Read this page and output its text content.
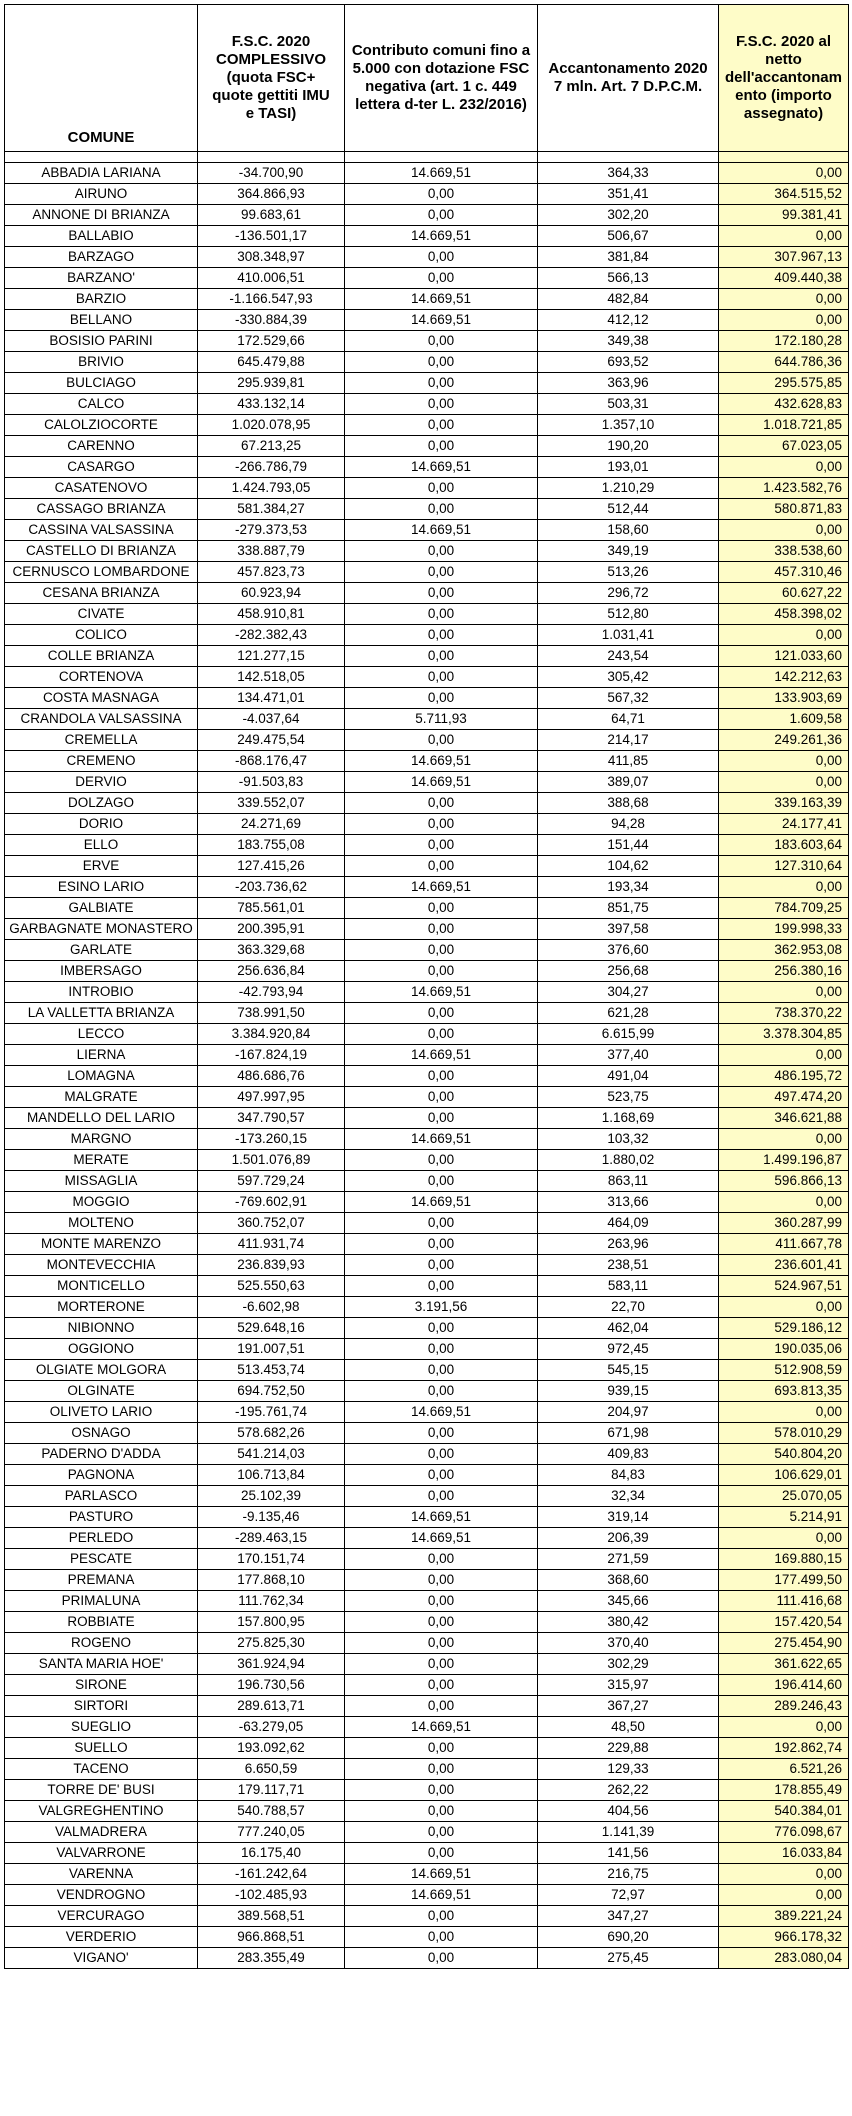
COMUNE	F.S.C. 2020
COMPLESSIVO
(quota FSC+
quote gettiti IMU
e TASI)	Contributo comuni fino a
5.000 con dotazione FSC
negativa (art. 1 c. 449
lettera d-ter L. 232/2016)	Accantonamento 2020
7 mln. Art. 7 D.P.C.M.	F.S.C. 2020 al
netto
dell'accantonam
ento (importo
assegnato)

ABBADIA LARIANA	-34.700,90	14.669,51	364,33	0,00
AIRUNO	364.866,93	0,00	351,41	364.515,52
ANNONE DI BRIANZA	99.683,61	0,00	302,20	99.381,41
BALLABIO	-136.501,17	14.669,51	506,67	0,00
BARZAGO	308.348,97	0,00	381,84	307.967,13
BARZANO'	410.006,51	0,00	566,13	409.440,38
BARZIO	-1.166.547,93	14.669,51	482,84	0,00
BELLANO	-330.884,39	14.669,51	412,12	0,00
BOSISIO PARINI	172.529,66	0,00	349,38	172.180,28
BRIVIO	645.479,88	0,00	693,52	644.786,36
BULCIAGO	295.939,81	0,00	363,96	295.575,85
CALCO	433.132,14	0,00	503,31	432.628,83
CALOLZIOCORTE	1.020.078,95	0,00	1.357,10	1.018.721,85
CARENNO	67.213,25	0,00	190,20	67.023,05
CASARGO	-266.786,79	14.669,51	193,01	0,00
CASATENOVO	1.424.793,05	0,00	1.210,29	1.423.582,76
CASSAGO BRIANZA	581.384,27	0,00	512,44	580.871,83
CASSINA VALSASSINA	-279.373,53	14.669,51	158,60	0,00
CASTELLO DI BRIANZA	338.887,79	0,00	349,19	338.538,60
CERNUSCO LOMBARDONE	457.823,73	0,00	513,26	457.310,46
CESANA BRIANZA	60.923,94	0,00	296,72	60.627,22
CIVATE	458.910,81	0,00	512,80	458.398,02
COLICO	-282.382,43	0,00	1.031,41	0,00
COLLE BRIANZA	121.277,15	0,00	243,54	121.033,60
CORTENOVA	142.518,05	0,00	305,42	142.212,63
COSTA MASNAGA	134.471,01	0,00	567,32	133.903,69
CRANDOLA VALSASSINA	-4.037,64	5.711,93	64,71	1.609,58
CREMELLA	249.475,54	0,00	214,17	249.261,36
CREMENO	-868.176,47	14.669,51	411,85	0,00
DERVIO	-91.503,83	14.669,51	389,07	0,00
DOLZAGO	339.552,07	0,00	388,68	339.163,39
DORIO	24.271,69	0,00	94,28	24.177,41
ELLO	183.755,08	0,00	151,44	183.603,64
ERVE	127.415,26	0,00	104,62	127.310,64
ESINO LARIO	-203.736,62	14.669,51	193,34	0,00
GALBIATE	785.561,01	0,00	851,75	784.709,25
GARBAGNATE MONASTERO	200.395,91	0,00	397,58	199.998,33
GARLATE	363.329,68	0,00	376,60	362.953,08
IMBERSAGO	256.636,84	0,00	256,68	256.380,16
INTROBIO	-42.793,94	14.669,51	304,27	0,00
LA VALLETTA BRIANZA	738.991,50	0,00	621,28	738.370,22
LECCO	3.384.920,84	0,00	6.615,99	3.378.304,85
LIERNA	-167.824,19	14.669,51	377,40	0,00
LOMAGNA	486.686,76	0,00	491,04	486.195,72
MALGRATE	497.997,95	0,00	523,75	497.474,20
MANDELLO DEL LARIO	347.790,57	0,00	1.168,69	346.621,88
MARGNO	-173.260,15	14.669,51	103,32	0,00
MERATE	1.501.076,89	0,00	1.880,02	1.499.196,87
MISSAGLIA	597.729,24	0,00	863,11	596.866,13
MOGGIO	-769.602,91	14.669,51	313,66	0,00
MOLTENO	360.752,07	0,00	464,09	360.287,99
MONTE MARENZO	411.931,74	0,00	263,96	411.667,78
MONTEVECCHIA	236.839,93	0,00	238,51	236.601,41
MONTICELLO	525.550,63	0,00	583,11	524.967,51
MORTERONE	-6.602,98	3.191,56	22,70	0,00
NIBIONNO	529.648,16	0,00	462,04	529.186,12
OGGIONO	191.007,51	0,00	972,45	190.035,06
OLGIATE MOLGORA	513.453,74	0,00	545,15	512.908,59
OLGINATE	694.752,50	0,00	939,15	693.813,35
OLIVETO LARIO	-195.761,74	14.669,51	204,97	0,00
OSNAGO	578.682,26	0,00	671,98	578.010,29
PADERNO D'ADDA	541.214,03	0,00	409,83	540.804,20
PAGNONA	106.713,84	0,00	84,83	106.629,01
PARLASCO	25.102,39	0,00	32,34	25.070,05
PASTURO	-9.135,46	14.669,51	319,14	5.214,91
PERLEDO	-289.463,15	14.669,51	206,39	0,00
PESCATE	170.151,74	0,00	271,59	169.880,15
PREMANA	177.868,10	0,00	368,60	177.499,50
PRIMALUNA	111.762,34	0,00	345,66	111.416,68
ROBBIATE	157.800,95	0,00	380,42	157.420,54
ROGENO	275.825,30	0,00	370,40	275.454,90
SANTA MARIA HOE'	361.924,94	0,00	302,29	361.622,65
SIRONE	196.730,56	0,00	315,97	196.414,60
SIRTORI	289.613,71	0,00	367,27	289.246,43
SUEGLIO	-63.279,05	14.669,51	48,50	0,00
SUELLO	193.092,62	0,00	229,88	192.862,74
TACENO	6.650,59	0,00	129,33	6.521,26
TORRE DE' BUSI	179.117,71	0,00	262,22	178.855,49
VALGREGHENTINO	540.788,57	0,00	404,56	540.384,01
VALMADRERA	777.240,05	0,00	1.141,39	776.098,67
VALVARRONE	16.175,40	0,00	141,56	16.033,84
VARENNA	-161.242,64	14.669,51	216,75	0,00
VENDROGNO	-102.485,93	14.669,51	72,97	0,00
VERCURAGO	389.568,51	0,00	347,27	389.221,24
VERDERIO	966.868,51	0,00	690,20	966.178,32
VIGANO'	283.355,49	0,00	275,45	283.080,04
